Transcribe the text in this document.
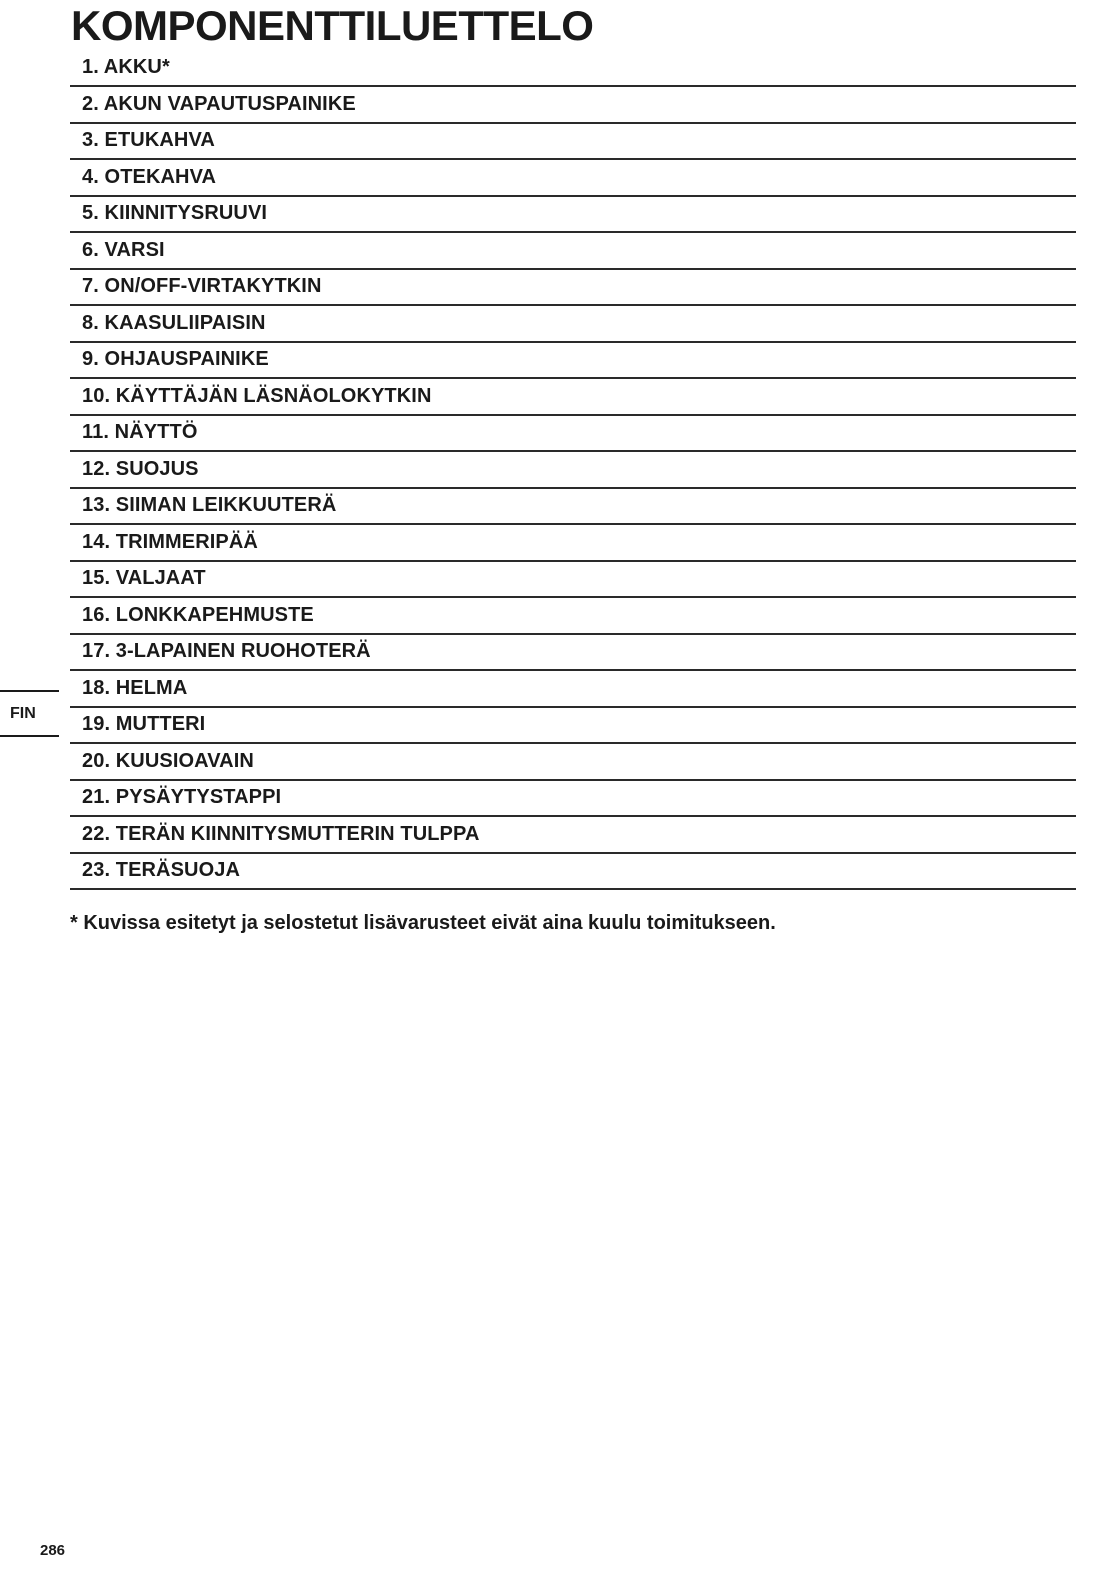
KOMPONENTTILUETTELO
1. AKKU*
2. AKUN VAPAUTUSPAINIKE
3. ETUKAHVA
4. OTEKAHVA
5. KIINNITYSRUUVI
6. VARSI
7. ON/OFF-VIRTAKYTKIN
8. KAASULIIPAISIN
9. OHJAUSPAINIKE
10. KÄYTTÄJÄN LÄSNÄOLOKYTKIN
11. NÄYTTÖ
12. SUOJUS
13. SIIMAN LEIKKUUTERÄ
14. TRIMMERIPÄÄ
15. VALJAAT
16. LONKKAPEHMUSTE
17. 3-LAPAINEN RUOHOTERÄ
18. HELMA
19. MUTTERI
20. KUUSIOAVAIN
21. PYSÄYTYSTAPPI
22. TERÄN KIINNITYSMUTTERIN TULPPA
23. TERÄSUOJA
* Kuvissa esitetyt ja selostetut lisävarusteet eivät aina kuulu toimitukseen.
FIN
286
